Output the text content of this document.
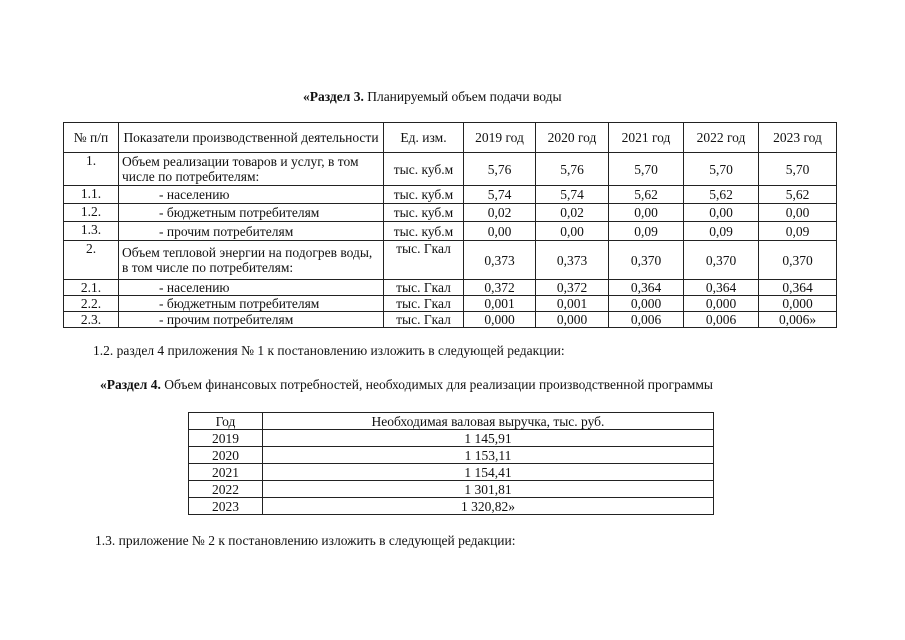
«Раздел 3. Планируемый объем подачи воды
№ п/п	Показатели производственной деятельности	Ед. изм.	2019 год	2020 год	2021 год	2022 год	2023 год
1.	Объем реализации товаров и услуг, в том числе по потребителям:	тыс. куб.м	5,76	5,76	5,70	5,70	5,70
1.1.	- населению	тыс. куб.м	5,74	5,74	5,62	5,62	5,62
1.2.	- бюджетным потребителям	тыс. куб.м	0,02	0,02	0,00	0,00	0,00
1.3.	- прочим потребителям	тыс. куб.м	0,00	0,00	0,09	0,09	0,09
2.	Объем тепловой энергии на подогрев воды, в том числе по потребителям:	тыс. Гкал	0,373	0,373	0,370	0,370	0,370
2.1.	- населению	тыс. Гкал	0,372	0,372	0,364	0,364	0,364
2.2.	- бюджетным потребителям	тыс. Гкал	0,001	0,001	0,000	0,000	0,000
2.3.	- прочим потребителям	тыс. Гкал	0,000	0,000	0,006	0,006	0,006»
1.2. раздел 4 приложения № 1 к постановлению изложить в следующей редакции:
«Раздел 4. Объем финансовых потребностей, необходимых для реализации производственной программы
Год	Необходимая валовая выручка, тыс. руб.
2019	1 145,91
2020	1 153,11
2021	1 154,41
2022	1 301,81
2023	1 320,82»
1.3. приложение № 2 к постановлению изложить в следующей редакции:
